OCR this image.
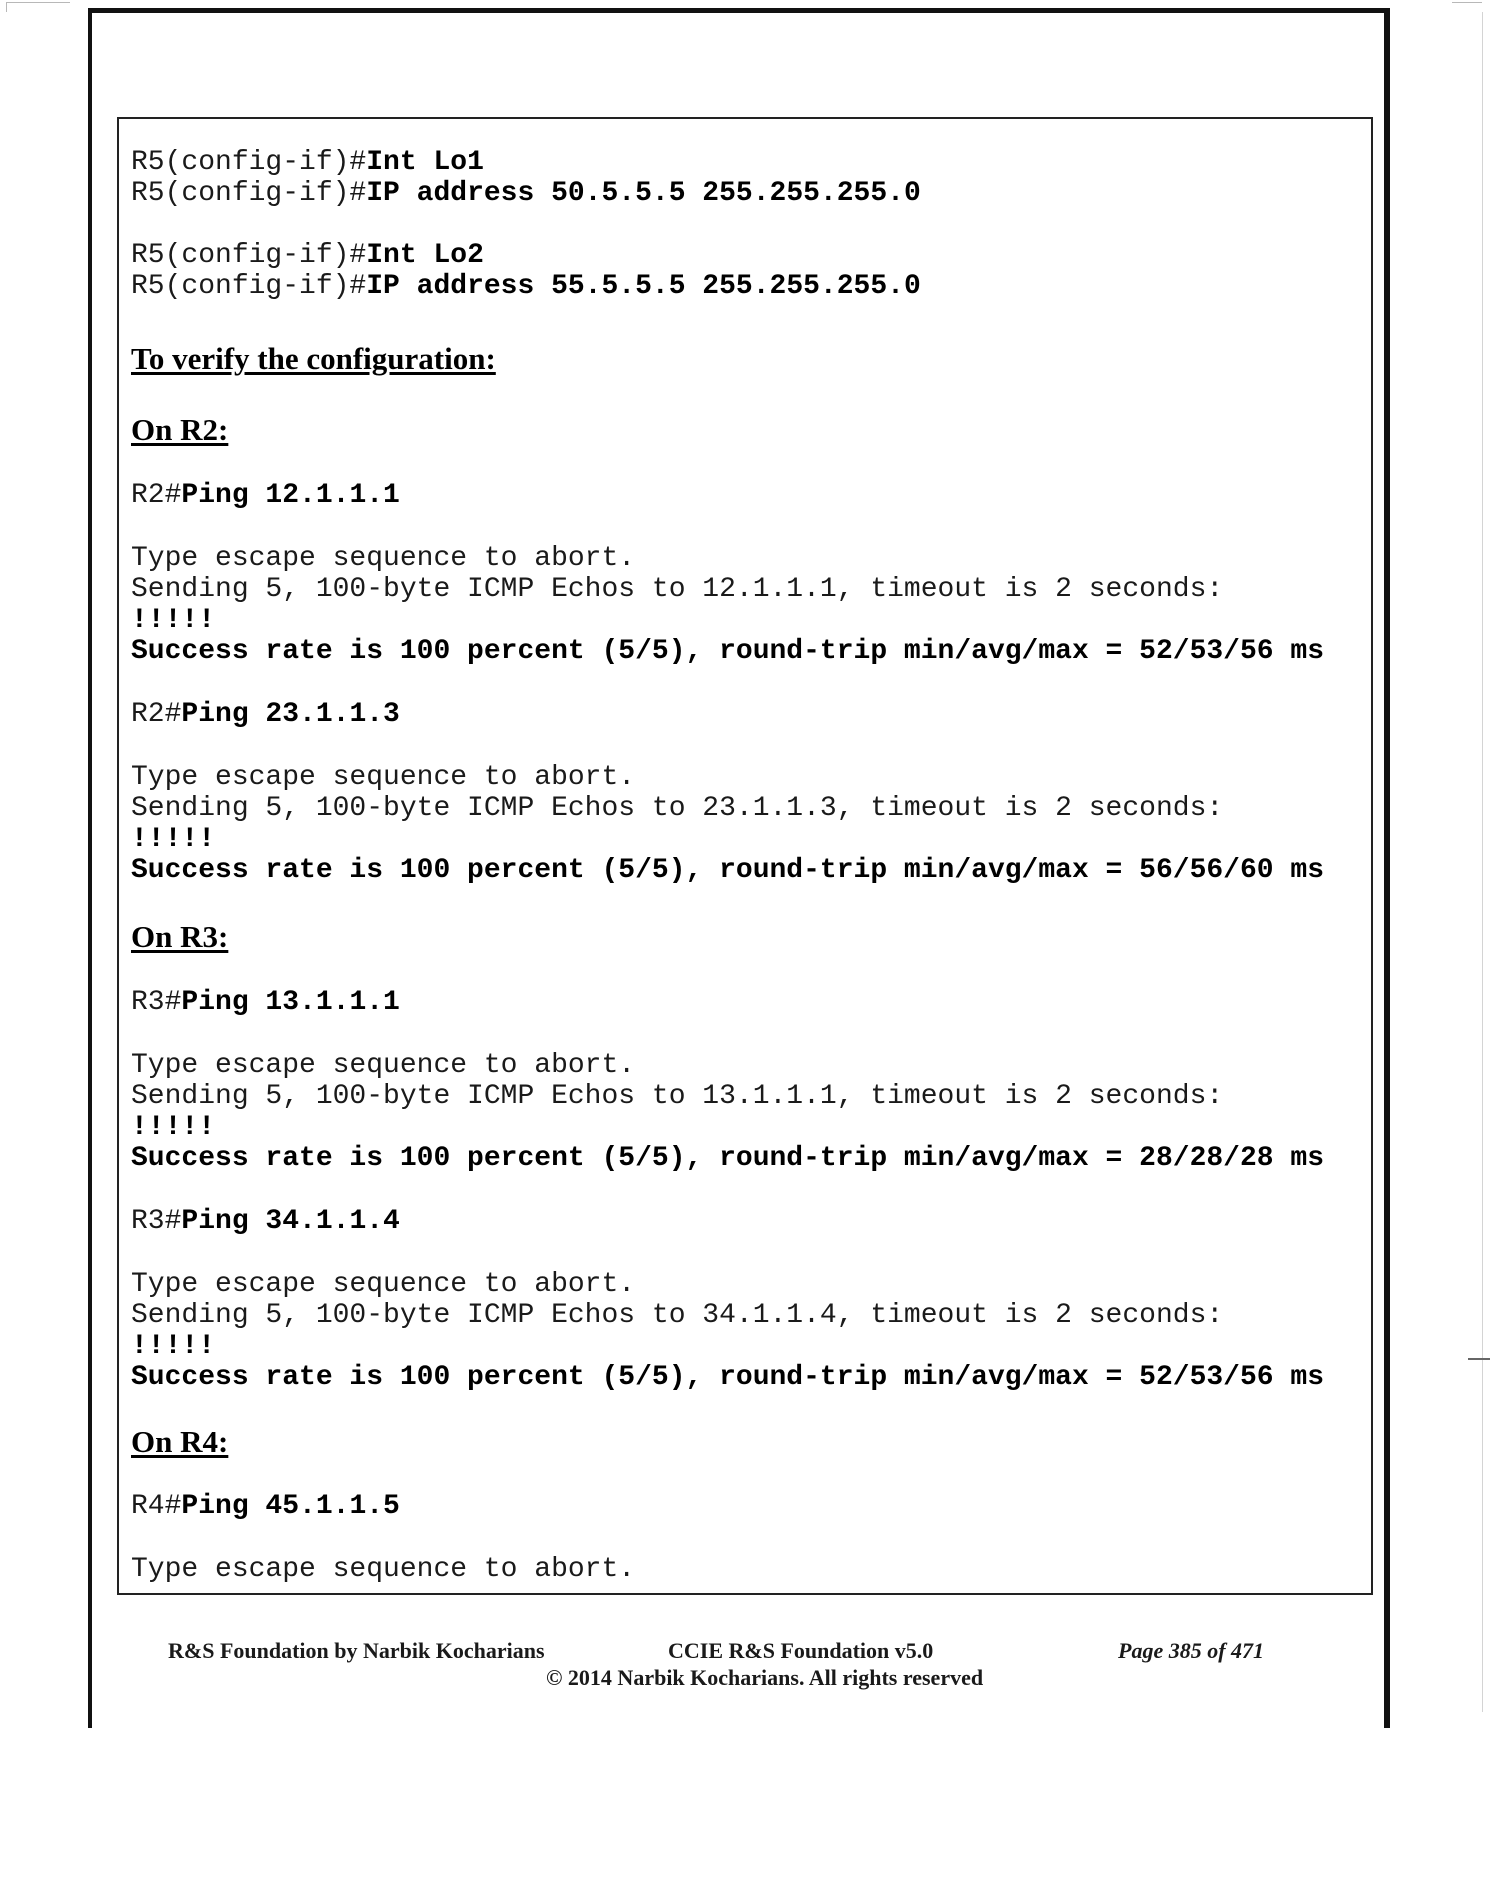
R5(config-if)#Int Lo1
R5(config-if)#IP address 50.5.5.5 255.255.255.0
R5(config-if)#Int Lo2
R5(config-if)#IP address 55.5.5.5 255.255.255.0
To verify the configuration:
On R2:
R2#Ping 12.1.1.1
Type escape sequence to abort.
Sending 5, 100-byte ICMP Echos to 12.1.1.1, timeout is 2 seconds:
!!!!!
Success rate is 100 percent (5/5), round-trip min/avg/max = 52/53/56 ms
R2#Ping 23.1.1.3
Type escape sequence to abort.
Sending 5, 100-byte ICMP Echos to 23.1.1.3, timeout is 2 seconds:
!!!!!
Success rate is 100 percent (5/5), round-trip min/avg/max = 56/56/60 ms
On R3:
R3#Ping 13.1.1.1
Type escape sequence to abort.
Sending 5, 100-byte ICMP Echos to 13.1.1.1, timeout is 2 seconds:
!!!!!
Success rate is 100 percent (5/5), round-trip min/avg/max = 28/28/28 ms
R3#Ping 34.1.1.4
Type escape sequence to abort.
Sending 5, 100-byte ICMP Echos to 34.1.1.4, timeout is 2 seconds:
!!!!!
Success rate is 100 percent (5/5), round-trip min/avg/max = 52/53/56 ms
On R4:
R4#Ping 45.1.1.5
Type escape sequence to abort.
R&S Foundation by Narbik Kocharians	CCIE R&S Foundation v5.0	Page 385 of 471
© 2014 Narbik Kocharians. All rights reserved
